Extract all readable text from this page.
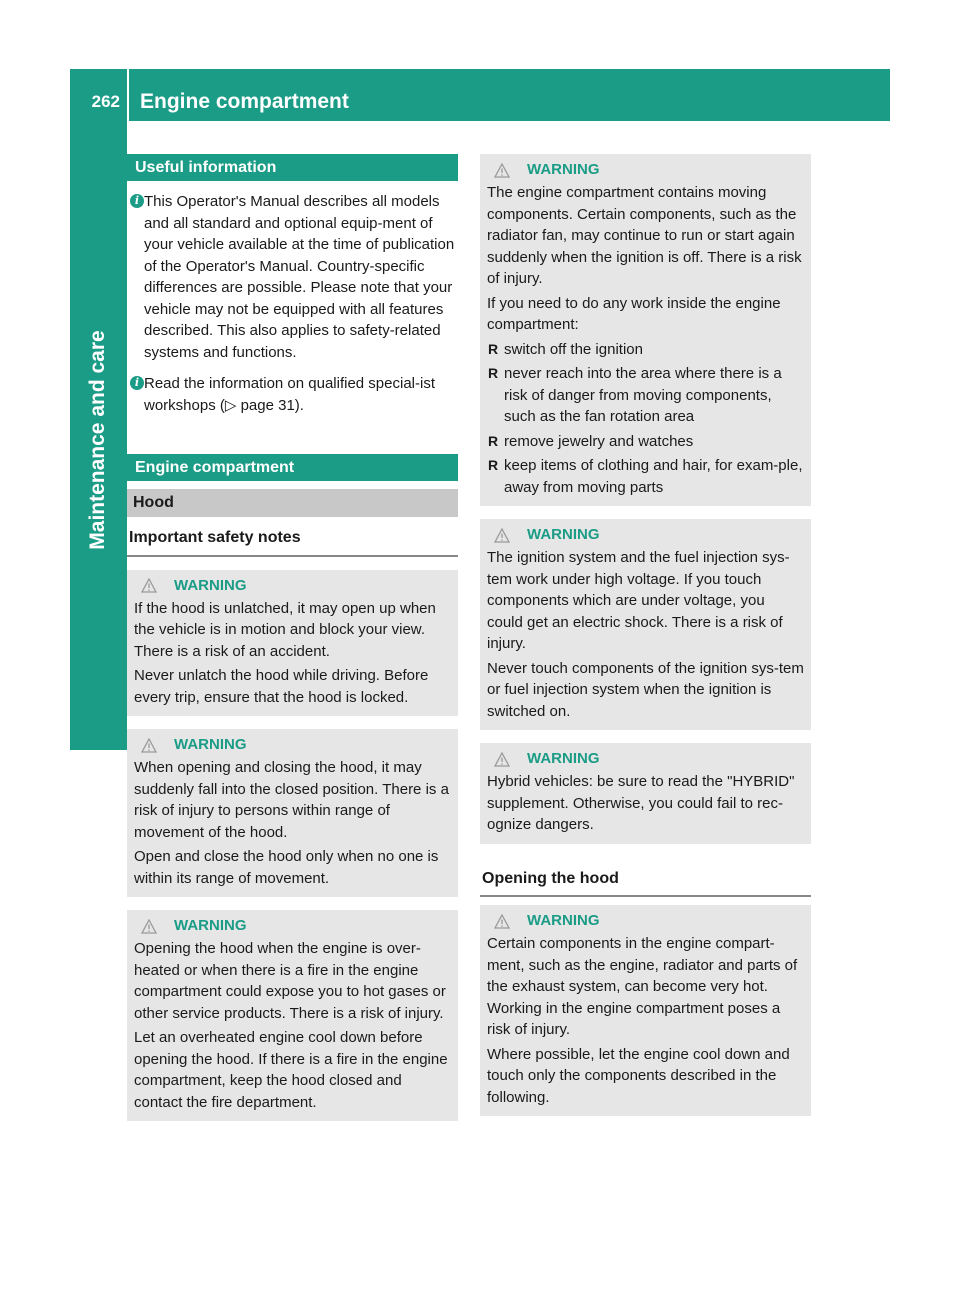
262 Engine compartment
Maintenance and care
Useful information
i This Operator's Manual describes all models and all standard and optional equip-ment of your vehicle available at the time of publication of the Operator's Manual. Country-specific differences are possible. Please note that your vehicle may not be equipped with all features described. This also applies to safety-related systems and functions.
i Read the information on qualified special-ist workshops (▷ page 31).
Engine compartment
Hood
Important safety notes
WARNING

If the hood is unlatched, it may open up when the vehicle is in motion and block your view. There is a risk of an accident.

Never unlatch the hood while driving. Before every trip, ensure that the hood is locked.

WARNING

When opening and closing the hood, it may suddenly fall into the closed position. There is a risk of injury to persons within range of movement of the hood.

Open and close the hood only when no one is within its range of movement.

WARNING

Opening the hood when the engine is over-heated or when there is a fire in the engine compartment could expose you to hot gases or other service products. There is a risk of injury.

Let an overheated engine cool down before opening the hood. If there is a fire in the engine compartment, keep the hood closed and contact the fire department.

WARNING

The engine compartment contains moving components. Certain components, such as the radiator fan, may continue to run or start again suddenly when the ignition is off. There is a risk of injury.

If you need to do any work inside the engine compartment:

R switch off the ignition
R never reach into the area where there is a risk of danger from moving components, such as the fan rotation area
R remove jewelry and watches
R keep items of clothing and hair, for exam-ple, away from moving parts
WARNING

The ignition system and the fuel injection sys-tem work under high voltage. If you touch components which are under voltage, you could get an electric shock. There is a risk of injury.

Never touch components of the ignition sys-tem or fuel injection system when the ignition is switched on.

WARNING

Hybrid vehicles: be sure to read the "HYBRID" supplement. Otherwise, you could fail to rec-ognize dangers.

Opening the hood
WARNING

Certain components in the engine compart-ment, such as the engine, radiator and parts of the exhaust system, can become very hot. Working in the engine compartment poses a risk of injury.

Where possible, let the engine cool down and touch only the components described in the following.
